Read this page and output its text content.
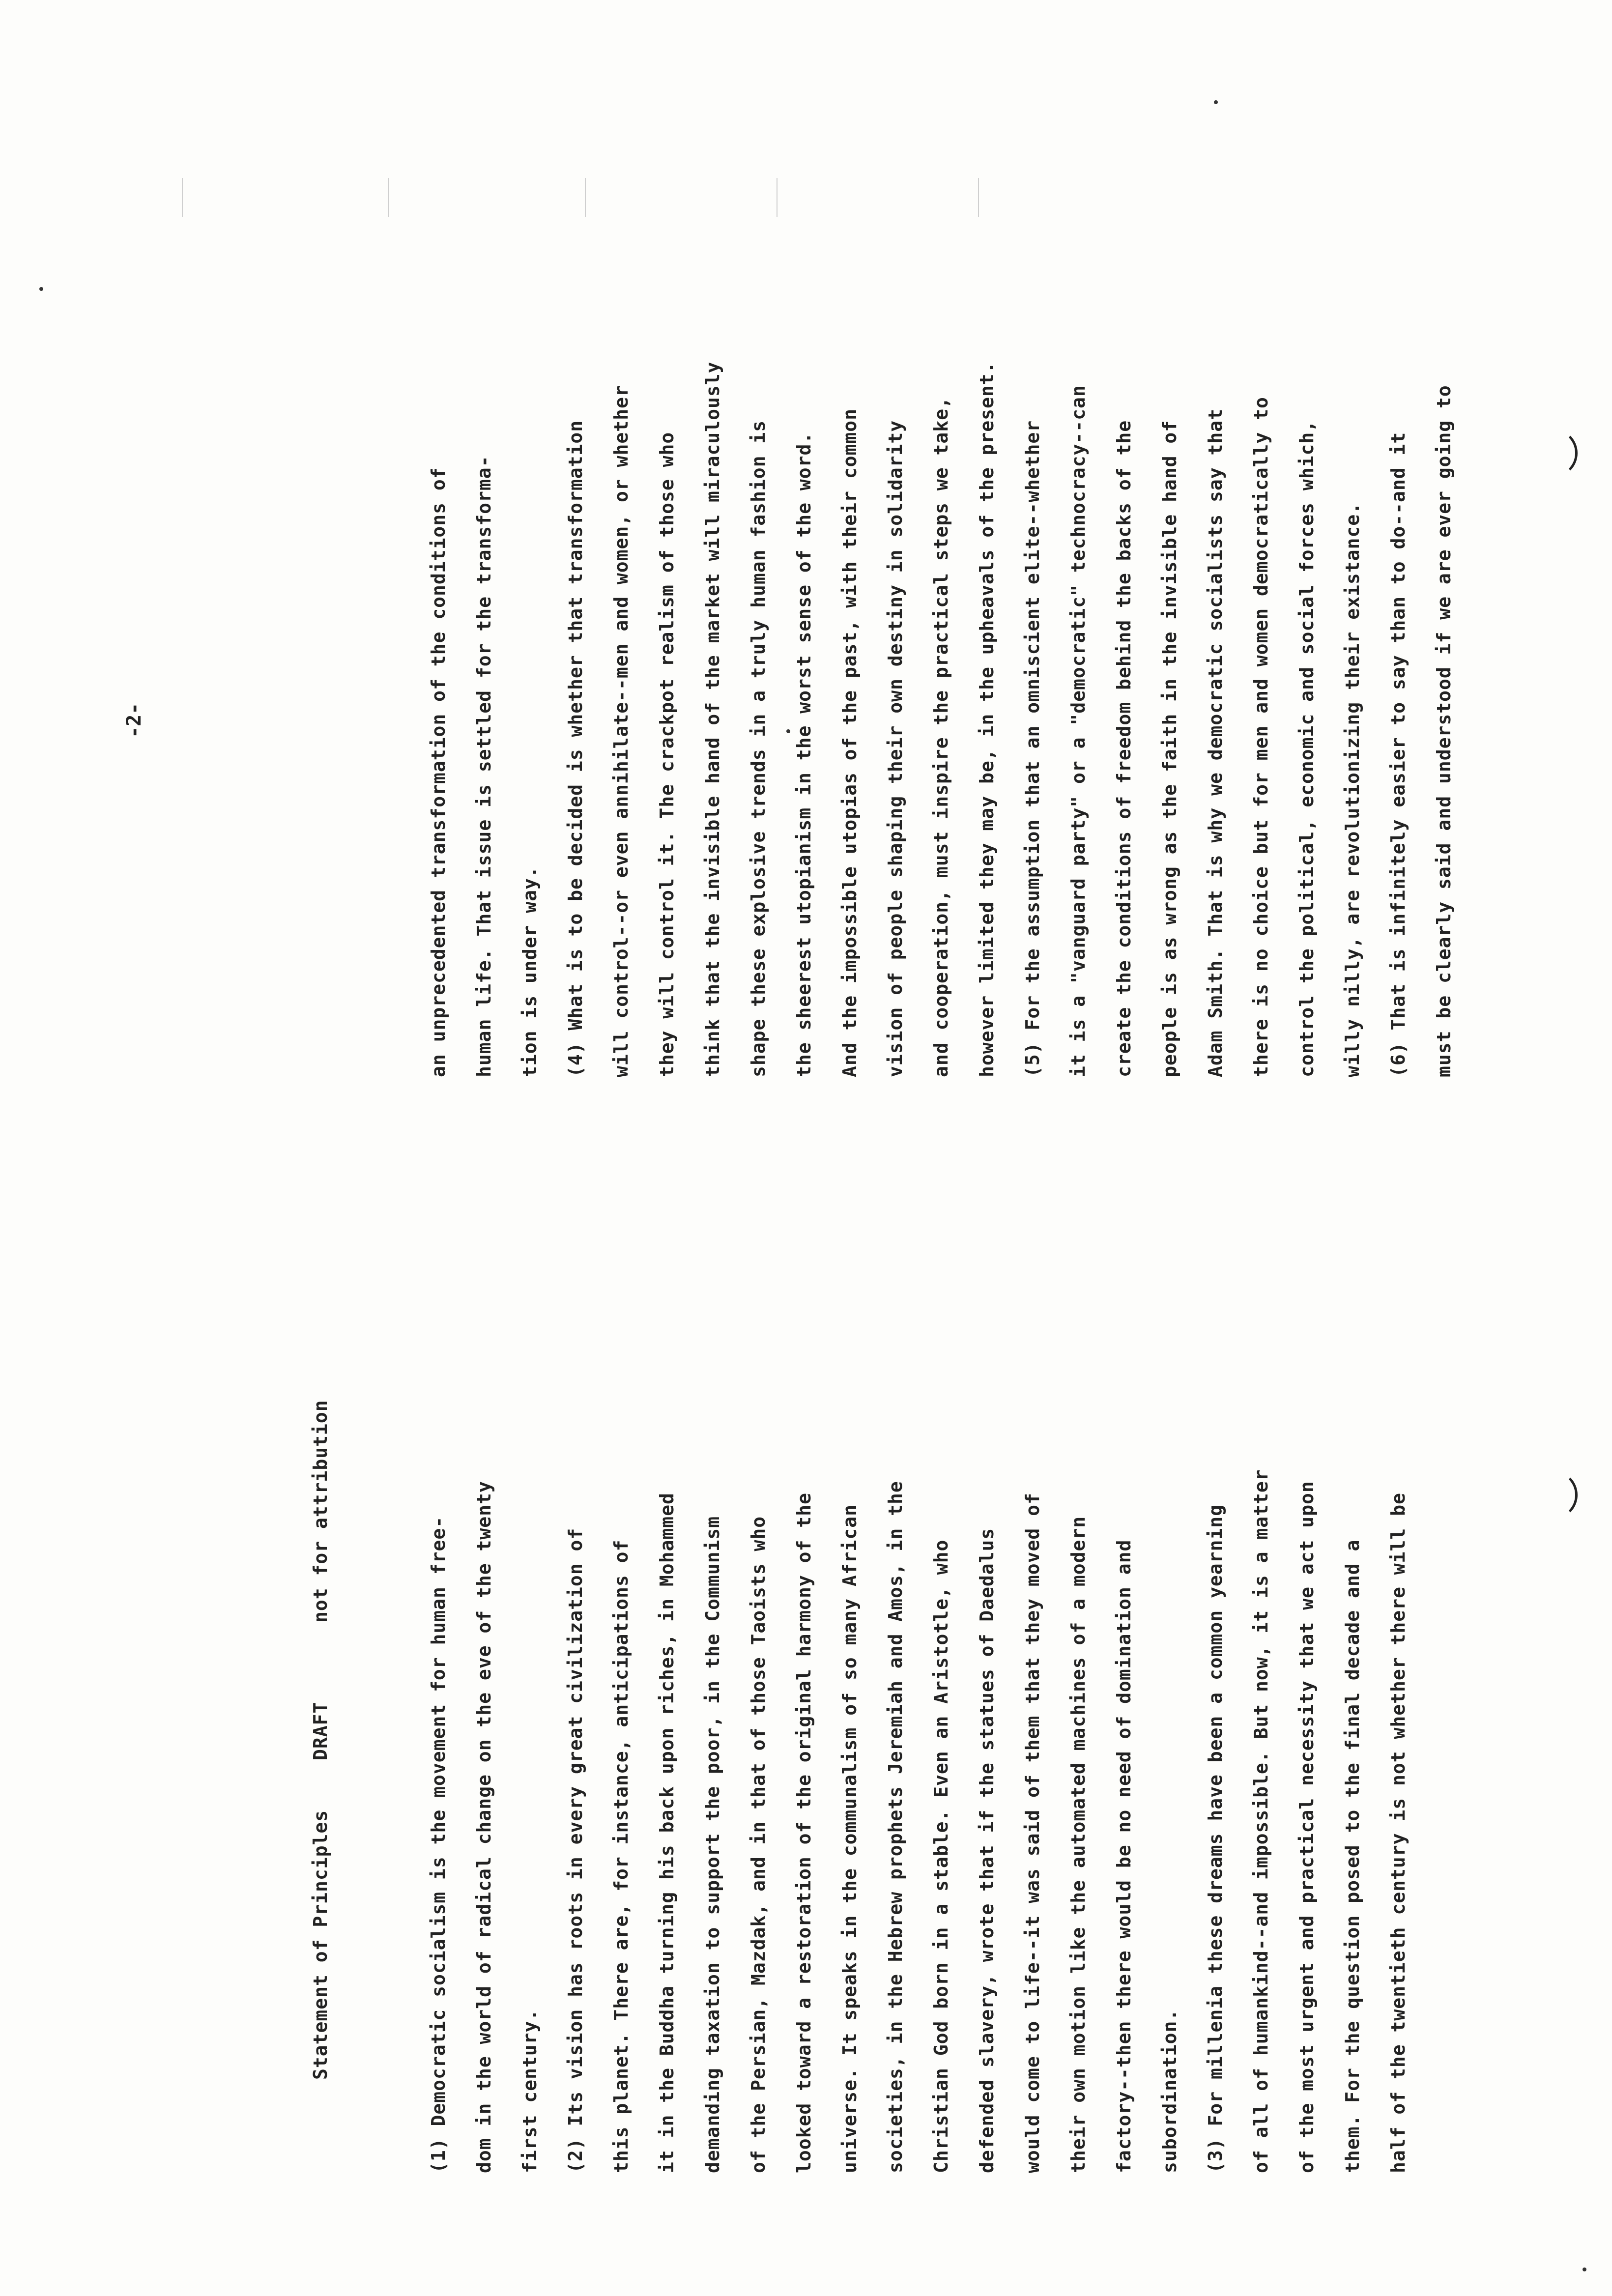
Statement of Principles
DRAFT
not for attribution
-2-
(1) Democratic socialism is the movement for human free- dom in the world of radical change on the eve of the twenty first century. (2) Its vision has roots in every great civilization of this planet. There are, for instance, anticipations of it in the Buddha turning his back upon riches, in Mohammed demanding taxation to support the poor, in the Communism of the Persian, Mazdak, and in that of those Taoists who looked toward a restoration of the original harmony of the universe. It speaks in the communalism of so many African societies, in the Hebrew prophets Jeremiah and Amos, in the Christian God born in a stable. Even an Aristotle, who defended slavery, wrote that if the statues of Daedalus would come to life--it was said of them that they moved of their own motion like the automated machines of a modern factory--then there would be no need of domination and subordination. (3) For millenia these dreams have been a common yearning of all of humankind--and impossible. But now, it is a matter of the most urgent and practical necessity that we act upon them. For the question posed to the final decade and a half of the twentieth century is not whether there will be
an unprecedented transformation of the conditions of human life. That issue is settled for the transforma- tion is under way. (4) What is to be decided is whether that transformation will control--or even annihilate--men and women, or whether they will control it. The crackpot realism of those who think that the invisible hand of the market will miraculously shape these explosive trends in a truly human fashion is the sheerest utopianism in the worst sense of the word. And the impossible utopias of the past, with their common vision of people shaping their own destiny in solidarity and cooperation, must inspire the practical steps we take, however limited they may be, in the upheavals of the present. (5) For the assumption that an omniscient elite--whether it is a "vanguard party" or a "democratic" technocracy--can create the conditions of freedom behind the backs of the people is as wrong as the faith in the invisible hand of Adam Smith. That is why we democratic socialists say that there is no choice but for men and women democratically to control the political, economic and social forces which, willy nilly, are revolutionizing their existance. (6) That is infinitely easier to say than to do--and it must be clearly said and understood if we are ever going to
